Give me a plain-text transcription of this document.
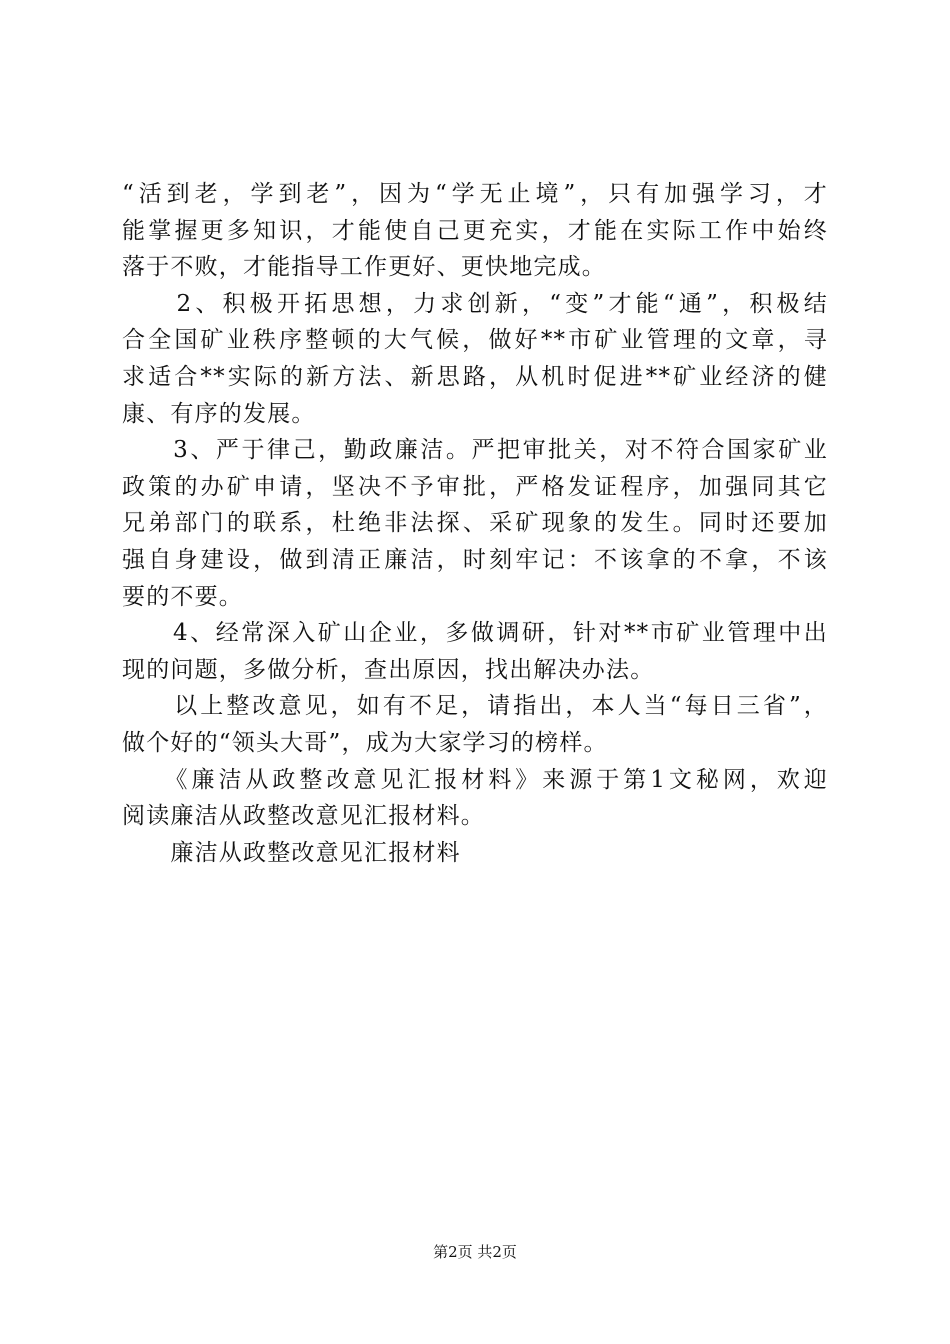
“活到老，学到老”，因为“学无止境”，只有加强学习，才
能掌握更多知识，才能使自己更充实，才能在实际工作中始终
落于不败，才能指导工作更好、更快地完成。
　　2、积极开拓思想，力求创新，“变”才能“通”，积极结
合全国矿业秩序整顿的大气候，做好**市矿业管理的文章，寻
求适合**实际的新方法、新思路，从机时促进**矿业经济的健
康、有序的发展。
　　3、严于律己，勤政廉洁。严把审批关，对不符合国家矿业
政策的办矿申请，坚决不予审批，严格发证程序，加强同其它
兄弟部门的联系，杜绝非法探、采矿现象的发生。同时还要加
强自身建设，做到清正廉洁，时刻牢记：不该拿的不拿，不该
要的不要。
　　4、经常深入矿山企业，多做调研，针对**市矿业管理中出
现的问题，多做分析，查出原因，找出解决办法。
　　以上整改意见，如有不足，请指出，本人当“每日三省”，
做个好的“领头大哥”，成为大家学习的榜样。
　　《廉洁从政整改意见汇报材料》来源于第1文秘网，欢迎
阅读廉洁从政整改意见汇报材料。
　　廉洁从政整改意见汇报材料
第2页 共2页
